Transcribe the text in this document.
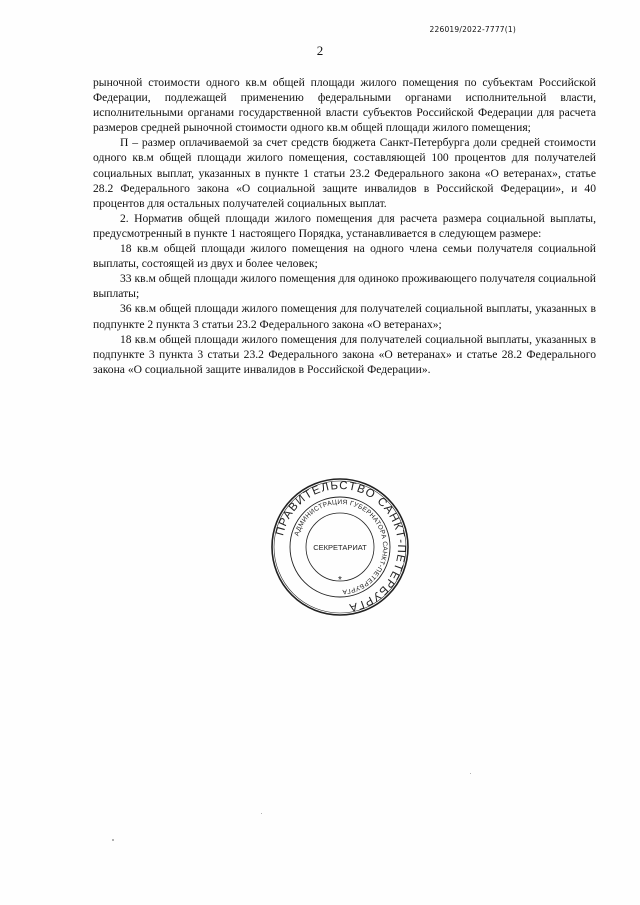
226019/2022-7777(1)
2

рыночной стоимости одного кв.м общей площади жилого помещения по субъектам Российской Федерации, подлежащей применению федеральными органами исполнительной власти, исполнительными органами государственной власти субъектов Российской Федерации для расчета размеров средней рыночной стоимости одного кв.м общей площади жилого помещения;

П – размер оплачиваемой за счет средств бюджета Санкт-Петербурга доли средней стоимости одного кв.м общей площади жилого помещения, составляющей 100 процентов для получателей социальных выплат, указанных в пункте 1 статьи 23.2 Федерального закона «О ветеранах», статье 28.2 Федерального закона «О социальной защите инвалидов в Российской Федерации», и 40 процентов для остальных получателей социальных выплат.

2. Норматив общей площади жилого помещения для расчета размера социальной выплаты, предусмотренный в пункте 1 настоящего Порядка, устанавливается в следующем размере:

18 кв.м общей площади жилого помещения на одного члена семьи получателя социальной выплаты, состоящей из двух и более человек;

33 кв.м общей площади жилого помещения для одиноко проживающего получателя социальной выплаты;

36 кв.м общей площади жилого помещения для получателей социальной выплаты, указанных в подпункте 2 пункта 3 статьи 23.2 Федерального закона «О ветеранах»;

18 кв.м общей площади жилого помещения для получателей социальной выплаты, указанных в подпункте 3 пункта 3 статьи 23.2 Федерального закона «О ветеранах» и статье 28.2 Федерального закона «О социальной защите инвалидов в Российской Федерации».

ПРАВИТЕЛЬСТВО САНКТ-ПЕТЕРБУРГА
АДМИНИСТРАЦИЯ ГУБЕРНАТОРА САНКТ-ПЕТЕРБУРГА
СЕКРЕТАРИАТ
*
